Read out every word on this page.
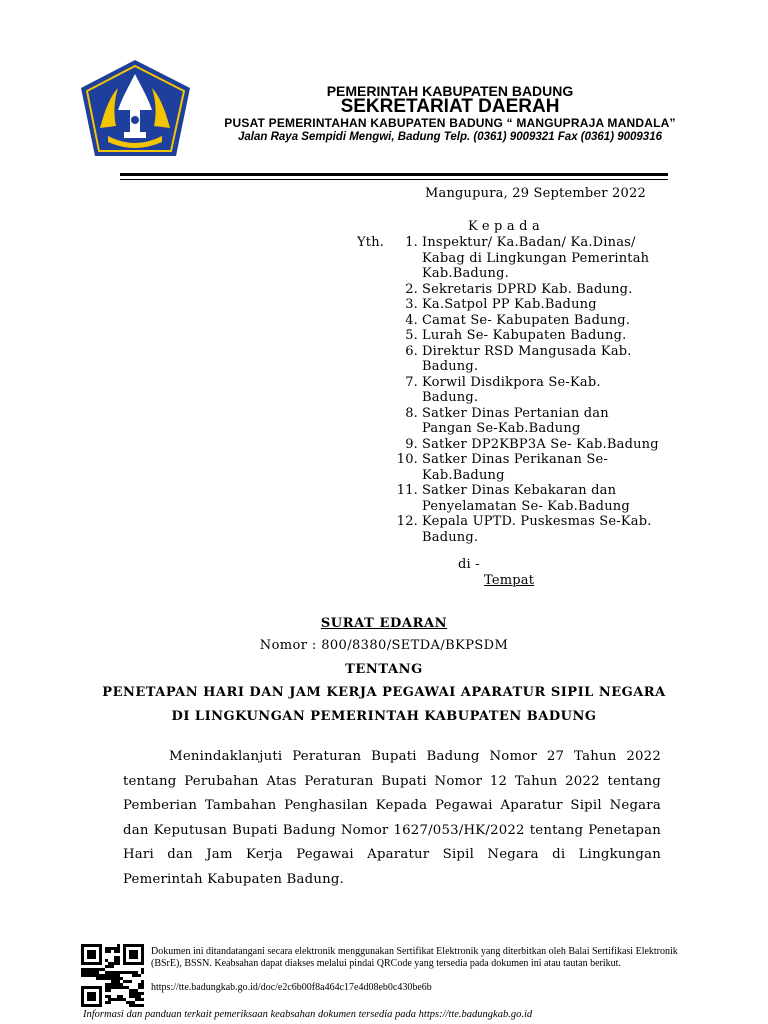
PEMERINTAH KABUPATEN BADUNG
SEKRETARIAT DAERAH
PUSAT PEMERINTAHAN KABUPATEN BADUNG “ MANGUPRAJA MANDALA”
Jalan Raya Sempidi Mengwi, Badung Telp. (0361) 9009321 Fax (0361) 9009316
Mangupura, 29 September 2022
Kepada
Yth.	1. Inspektur/ Ka.Badan/ Ka.Dinas/
Kabag di Lingkungan Pemerintah
Kab.Badung.
2. Sekretaris DPRD Kab. Badung.
3. Ka.Satpol PP Kab.Badung
4. Camat Se- Kabupaten Badung.
5. Lurah Se- Kabupaten Badung.
6. Direktur RSD Mangusada Kab.
Badung.
7. Korwil Disdikpora Se-Kab.
Badung.
8. Satker Dinas Pertanian dan
Pangan Se-Kab.Badung
9. Satker DP2KBP3A Se- Kab.Badung
10. Satker Dinas Perikanan Se-
Kab.Badung
11. Satker Dinas Kebakaran dan
Penyelamatan Se- Kab.Badung
12. Kepala UPTD. Puskesmas Se-Kab.
Badung.
di -
Tempat
SURAT EDARAN
Nomor : 800/8380/SETDA/BKPSDM
TENTANG
PENETAPAN HARI DAN JAM KERJA PEGAWAI APARATUR SIPIL NEGARA
DI LINGKUNGAN PEMERINTAH KABUPATEN BADUNG
Menindaklanjuti Peraturan Bupati Badung Nomor 27 Tahun 2022 tentang Perubahan Atas Peraturan Bupati Nomor 12 Tahun 2022 tentang Pemberian Tambahan Penghasilan Kepada Pegawai Aparatur Sipil Negara dan Keputusan Bupati Badung Nomor 1627/053/HK/2022 tentang Penetapan Hari dan Jam Kerja Pegawai Aparatur Sipil Negara di Lingkungan Pemerintah Kabupaten Badung.
Dokumen ini ditandatangani secara elektronik menggunakan Sertifikat Elektronik yang diterbitkan oleh Balai Sertifikasi Elektronik (BSrE), BSSN. Keabsahan dapat diakses melalui pindai QRCode yang tersedia pada dokumen ini atau tautan berikut.
https://tte.badungkab.go.id/doc/e2c6b00f8a464c17e4d08eb0c430be6b
Informasi dan panduan terkait pemeriksaan keabsahan dokumen tersedia pada https://tte.badungkab.go.id
